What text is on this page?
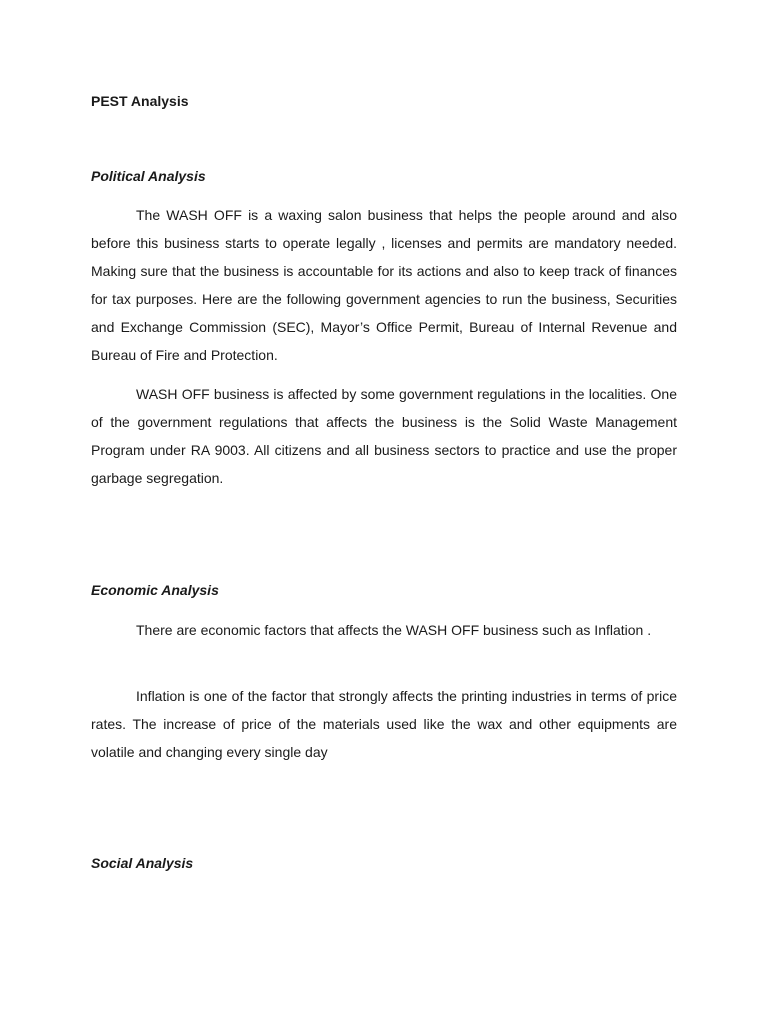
PEST Analysis
Political Analysis

The WASH OFF is a waxing salon business that helps the people around and also before this business starts to operate legally , licenses and permits are mandatory needed. Making sure that the business is accountable for its actions and also to keep track of finances for tax purposes. Here are the following government agencies to run the business, Securities and Exchange Commission (SEC), Mayor’s Office Permit, Bureau of Internal Revenue and Bureau of Fire and Protection.

WASH OFF business is affected by some government regulations in the localities. One of the government regulations that affects the business is the Solid Waste Management Program under RA 9003. All citizens and all business sectors to practice and use the proper garbage segregation.

Economic Analysis

There are economic factors that affects the WASH OFF business such as Inflation .

Inflation is one of the factor that strongly affects the printing industries in terms of price rates. The increase of price of the materials used like the wax and other equipments are volatile and changing every single day

Social Analysis
